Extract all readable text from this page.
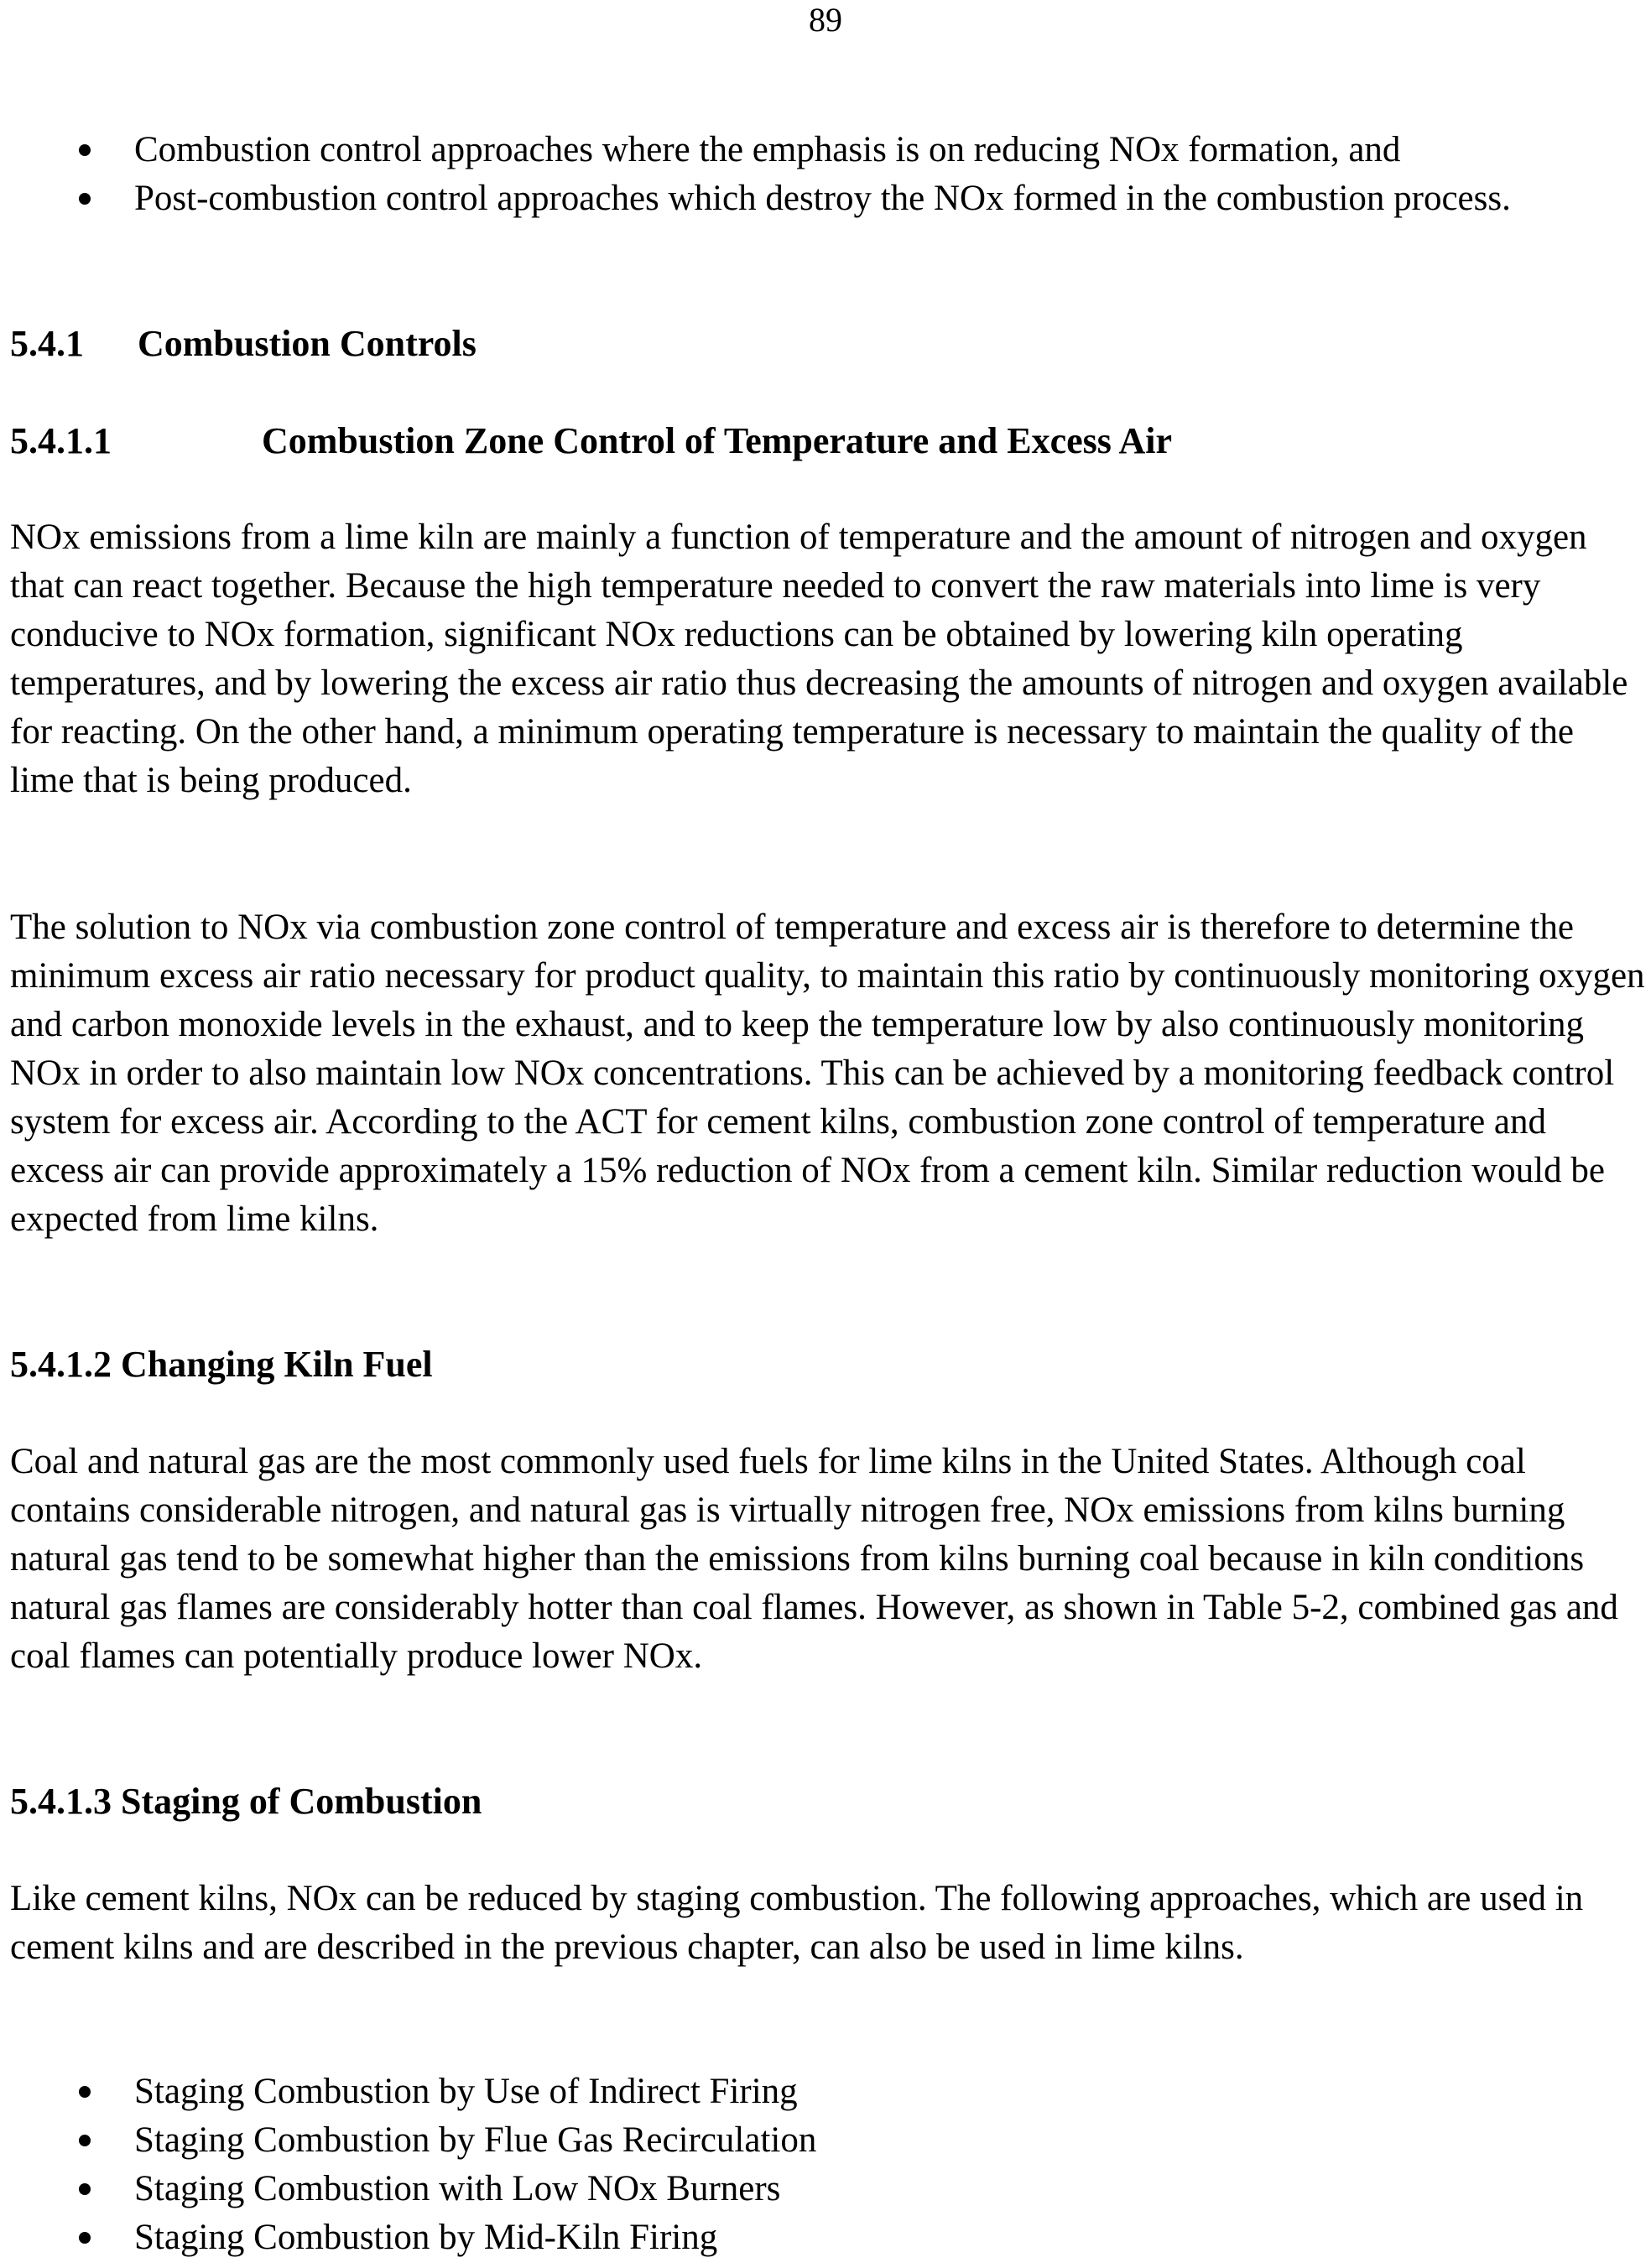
89
Combustion control approaches where the emphasis is on reducing NOx formation, and
Post-combustion control approaches which destroy the NOx formed in the combustion process.
5.4.1 Combustion Controls
5.4.1.1	Combustion Zone Control of Temperature and Excess Air

NOx emissions from a lime kiln are mainly a function of temperature and the amount of nitrogen and oxygen that can react together. Because the high temperature needed to convert the raw materials into lime is very conducive to NOx formation, significant NOx reductions can be obtained by lowering kiln operating temperatures, and by lowering the excess air ratio thus decreasing the amounts of nitrogen and oxygen available for reacting. On the other hand, a minimum operating temperature is necessary to maintain the quality of the lime that is being produced.

The solution to NOx via combustion zone control of temperature and excess air is therefore to determine the minimum excess air ratio necessary for product quality, to maintain this ratio by continuously monitoring oxygen and carbon monoxide levels in the exhaust, and to keep the temperature low by also continuously monitoring NOx in order to also maintain low NOx concentrations. This can be achieved by a monitoring feedback control system for excess air. According to the ACT for cement kilns, combustion zone control of temperature and excess air can provide approximately a 15% reduction of NOx from a cement kiln. Similar reduction would be expected from lime kilns.

5.4.1.2 Changing Kiln Fuel

Coal and natural gas are the most commonly used fuels for lime kilns in the United States. Although coal contains considerable nitrogen, and natural gas is virtually nitrogen free, NOx emissions from kilns burning natural gas tend to be somewhat higher than the emissions from kilns burning coal because in kiln conditions natural gas flames are considerably hotter than coal flames. However, as shown in Table 5-2, combined gas and coal flames can potentially produce lower NOx.

5.4.1.3 Staging of Combustion

Like cement kilns, NOx can be reduced by staging combustion. The following approaches, which are used in cement kilns and are described in the previous chapter, can also be used in lime kilns.

Staging Combustion by Use of Indirect Firing
Staging Combustion by Flue Gas Recirculation
Staging Combustion with Low NOx Burners
Staging Combustion by Mid-Kiln Firing
